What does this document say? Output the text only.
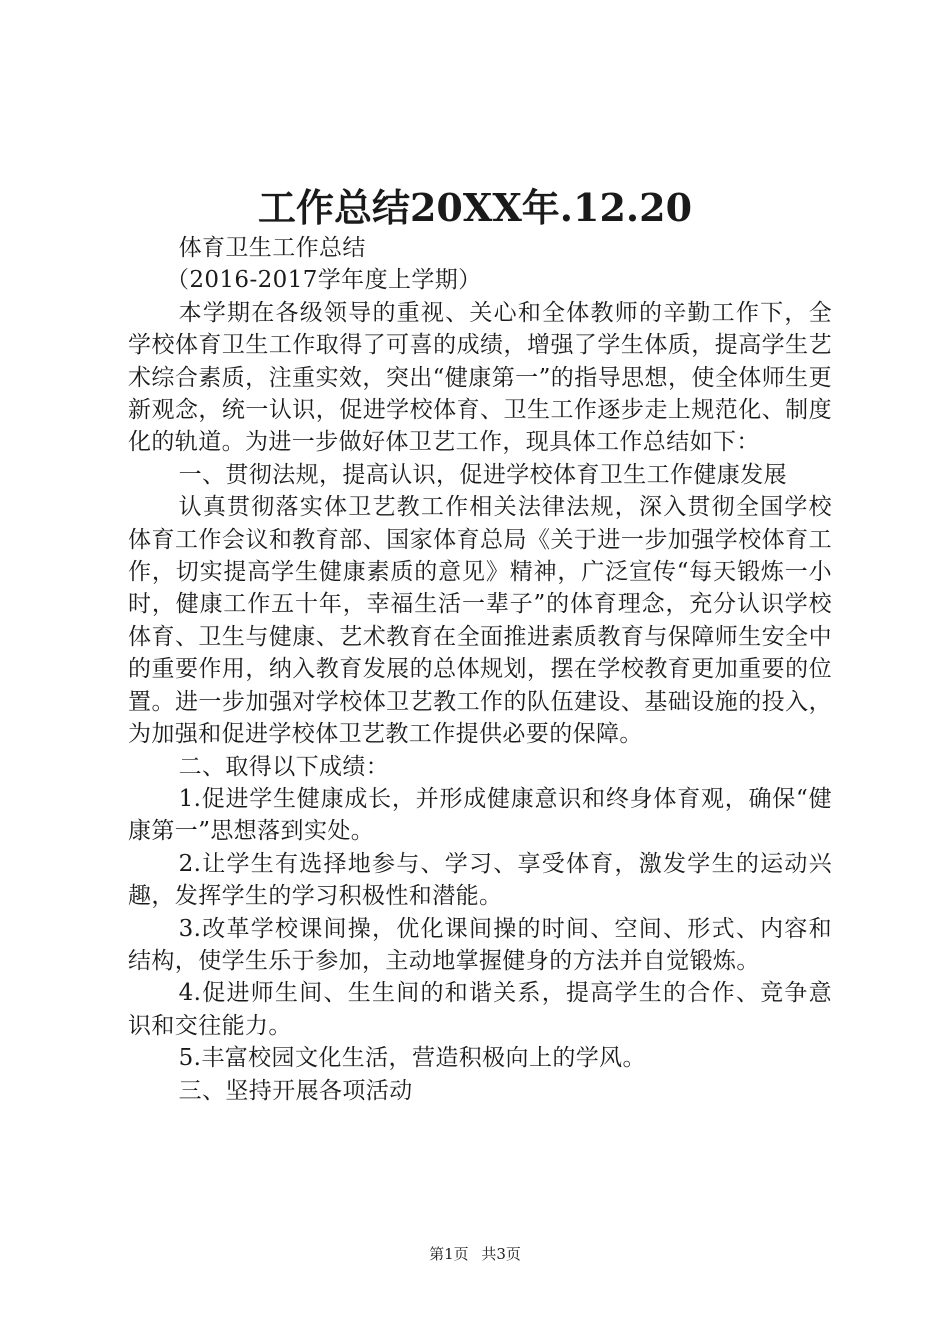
工作总结20XX年.12.20

体育卫生工作总结

（2016-2017学年度上学期）

本学期在各级领导的重视、关心和全体教师的辛勤工作下，全学校体育卫生工作取得了可喜的成绩，增强了学生体质，提高学生艺术综合素质，注重实效，突出“健康第一”的指导思想，使全体师生更新观念，统一认识，促进学校体育、卫生工作逐步走上规范化、制度化的轨道。为进一步做好体卫艺工作，现具体工作总结如下：

一、贯彻法规，提高认识，促进学校体育卫生工作健康发展

认真贯彻落实体卫艺教工作相关法律法规，深入贯彻全国学校体育工作会议和教育部、国家体育总局《关于进一步加强学校体育工作，切实提高学生健康素质的意见》精神，广泛宣传“每天锻炼一小时，健康工作五十年，幸福生活一辈子”的体育理念，充分认识学校体育、卫生与健康、艺术教育在全面推进素质教育与保障师生安全中的重要作用，纳入教育发展的总体规划，摆在学校教育更加重要的位置。进一步加强对学校体卫艺教工作的队伍建设、基础设施的投入，为加强和促进学校体卫艺教工作提供必要的保障。

二、取得以下成绩：

1.促进学生健康成长，并形成健康意识和终身体育观，确保“健康第一”思想落到实处。

2.让学生有选择地参与、学习、享受体育，激发学生的运动兴趣，发挥学生的学习积极性和潜能。

3.改革学校课间操，优化课间操的时间、空间、形式、内容和结构，使学生乐于参加，主动地掌握健身的方法并自觉锻炼。

4.促进师生间、生生间的和谐关系，提高学生的合作、竞争意识和交往能力。

5.丰富校园文化生活，营造积极向上的学风。

三、坚持开展各项活动

第1页 共3页
